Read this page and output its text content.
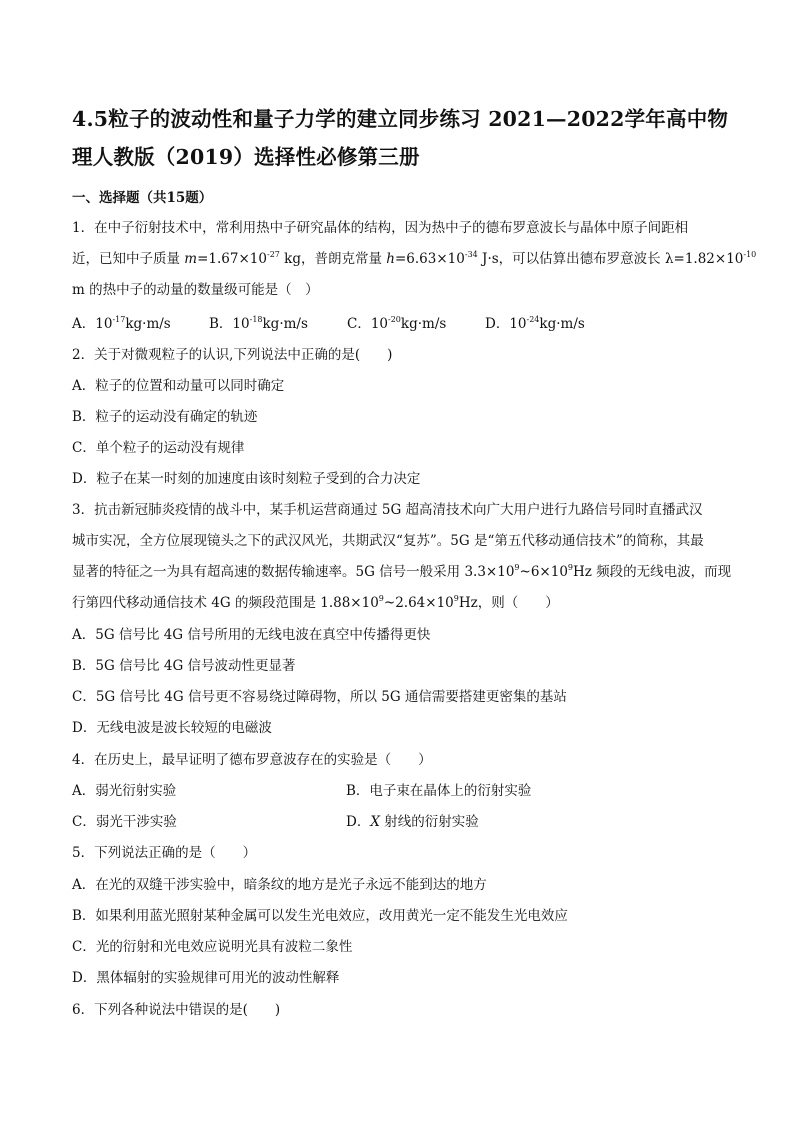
4.5粒子的波动性和量子力学的建立同步练习 2021—2022学年高中物
理人教版（2019）选择性必修第三册
一、选择题（共15题）
1．在中子衍射技术中，常利用热中子研究晶体的结构，因为热中子的德布罗意波长与晶体中原子间距相
近，已知中子质量 $m=1.67\times 10^{-27}$ kg，普朗克常量 $h=6.63\times 10^{-34}$ J·s，可以估算出德布罗意波长 $\lambda=1.82\times 10^{-10}$
m 的热中子的动量的数量级可能是（　）
A．$10^{-17}kg\cdot m/s$	B．$10^{-18}kg\cdot m/s$	C．$10^{-20}kg\cdot m/s$	D．$10^{-24}kg\cdot m/s$
2．关于对微观粒子的认识,下列说法中正确的是(　　)
A．粒子的位置和动量可以同时确定
B．粒子的运动没有确定的轨迹
C．单个粒子的运动没有规律
D．粒子在某一时刻的加速度由该时刻粒子受到的合力决定
3．抗击新冠肺炎疫情的战斗中，某手机运营商通过 5G 超高清技术向广大用户进行九路信号同时直播武汉
城市实况，全方位展现镜头之下的武汉风光，共期武汉“复苏”。5G 是“第五代移动通信技术”的简称，其最
显著的特征之一为具有超高速的数据传输速率。5G 信号一般采用 $3.3\times 10^9\sim 6\times 10^9Hz$ 频段的无线电波，而现
行第四代移动通信技术 4G 的频段范围是 $1.88\times 10^9\sim 2.64\times 10^9Hz$，则（　　）
A．5G 信号比 4G 信号所用的无线电波在真空中传播得更快
B．5G 信号比 4G 信号波动性更显著
C．5G 信号比 4G 信号更不容易绕过障碍物，所以 5G 通信需要搭建更密集的基站
D．无线电波是波长较短的电磁波
4．在历史上，最早证明了德布罗意波存在的实验是（　　）
A．弱光衍射实验	B．电子束在晶体上的衍射实验
C．弱光干涉实验	D．X 射线的衍射实验
5．下列说法正确的是（　　）
A．在光的双缝干涉实验中，暗条纹的地方是光子永远不能到达的地方
B．如果利用蓝光照射某种金属可以发生光电效应，改用黄光一定不能发生光电效应
C．光的衍射和光电效应说明光具有波粒二象性
D．黑体辐射的实验规律可用光的波动性解释
6．下列各种说法中错误的是(　　)
